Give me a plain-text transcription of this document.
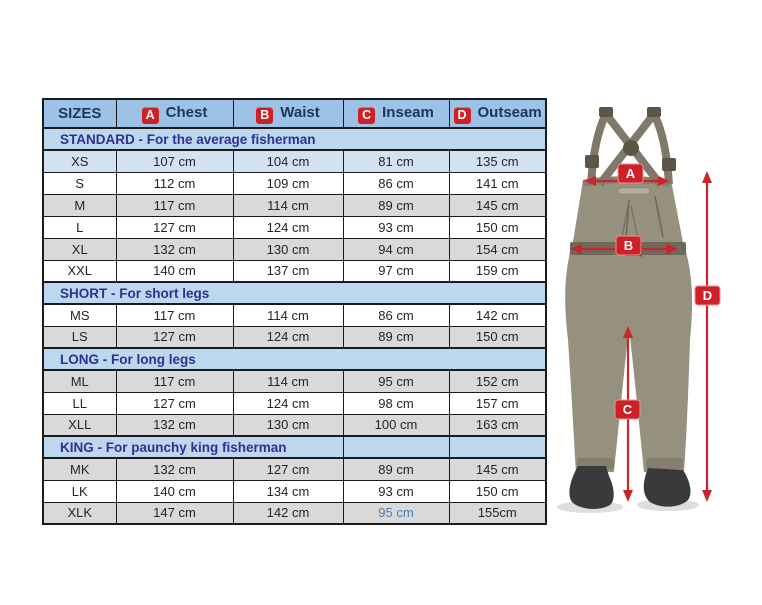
SIZES	A Chest	B Waist	C Inseam	D Outseam
STANDARD - For the average fisherman				
XS	107 cm	104 cm	81 cm	135 cm
S	112 cm	109 cm	86 cm	141 cm
M	117 cm	114 cm	89 cm	145 cm
L	127 cm	124 cm	93 cm	150 cm
XL	132 cm	130 cm	94 cm	154 cm
XXL	140 cm	137 cm	97 cm	159 cm
SHORT - For short legs				
MS	117 cm	114 cm	86 cm	142 cm
LS	127 cm	124 cm	89 cm	150 cm
LONG - For long legs				
ML	117 cm	114 cm	95 cm	152 cm
LL	127 cm	124 cm	98 cm	157 cm
XLL	132 cm	130 cm	100 cm	163 cm
KING - For paunchy king fisherman				
MK	132 cm	127 cm	89 cm	145 cm
LK	140 cm	134 cm	93 cm	150 cm
XLK	147 cm	142 cm	95 cm	155cm
A
B
C
D
